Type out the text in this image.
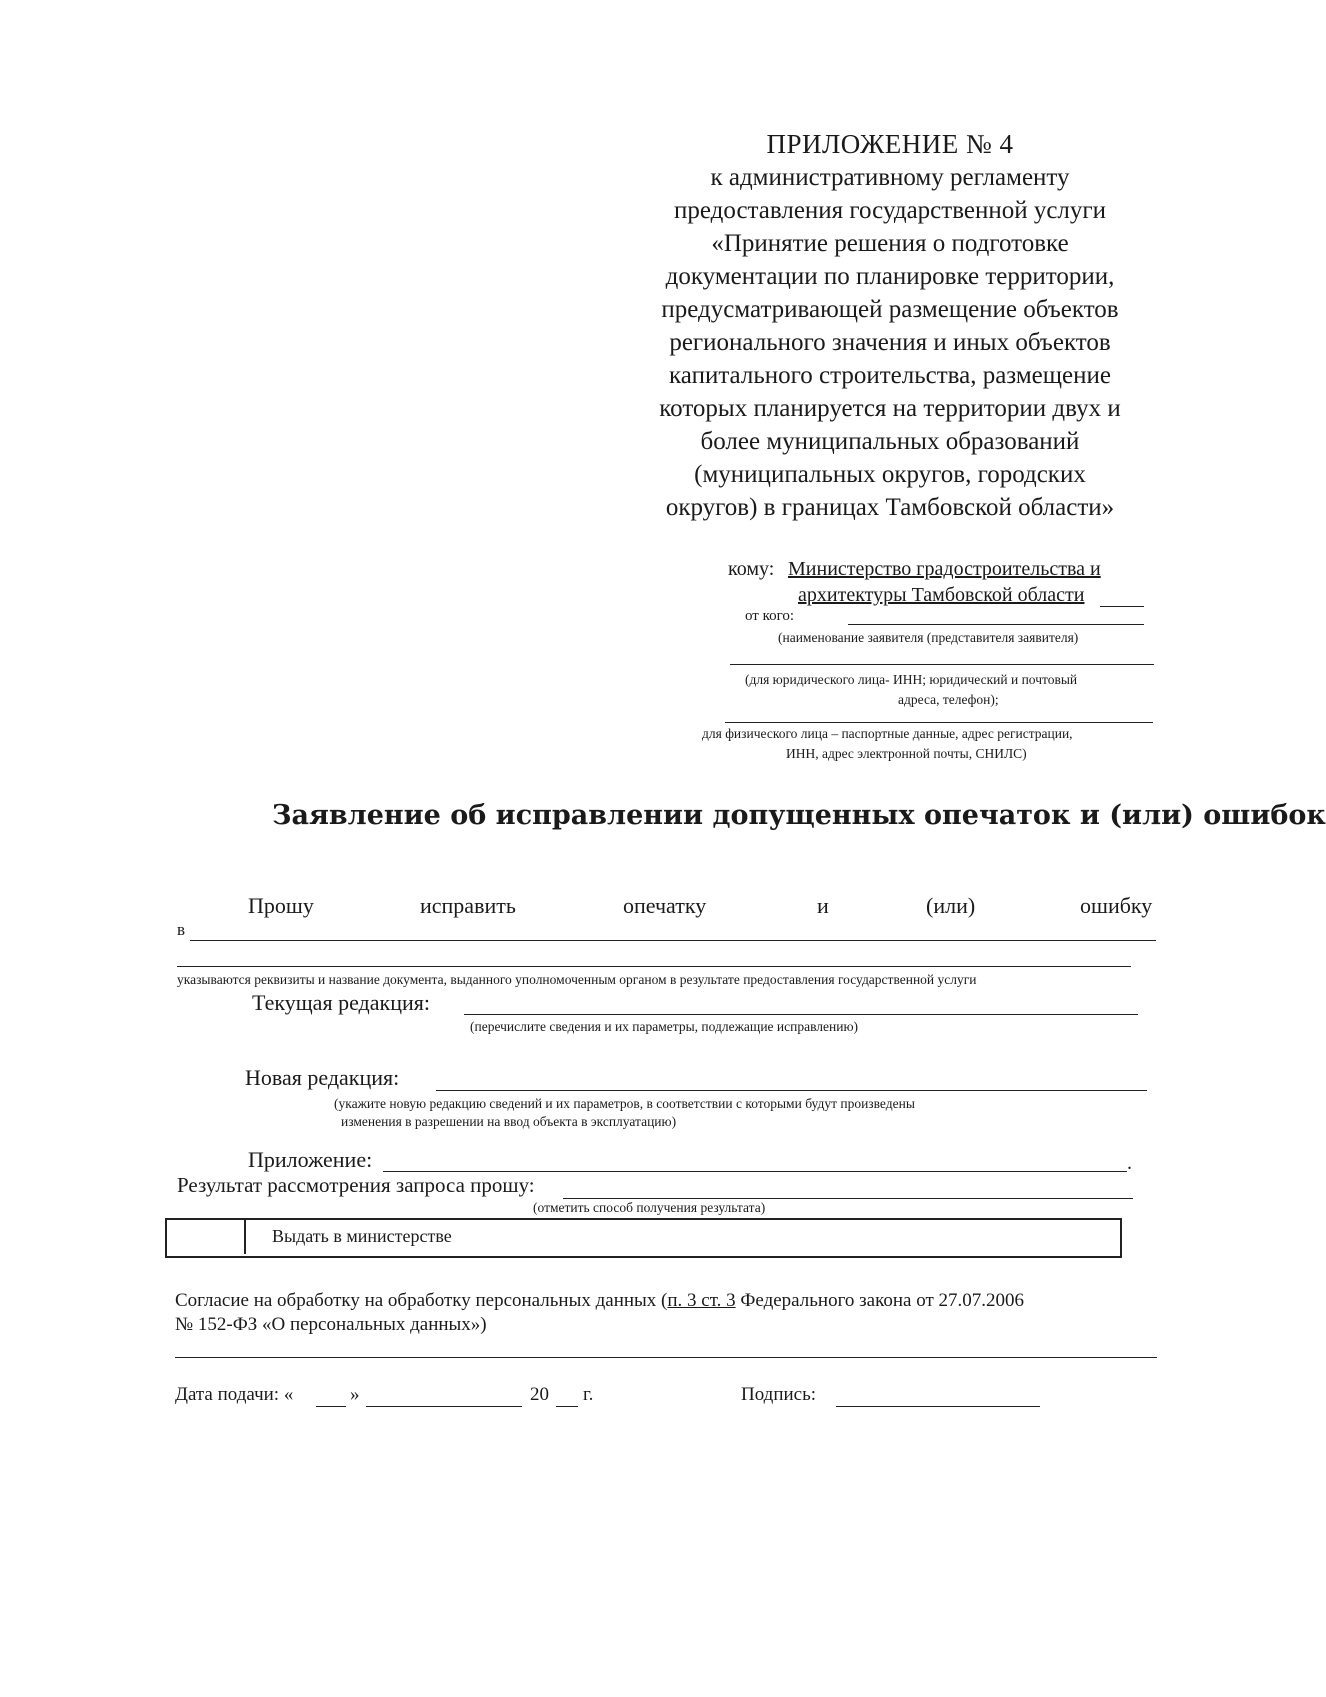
ПРИЛОЖЕНИЕ № 4
к административному регламенту
предоставления государственной услуги
«Принятие решения о подготовке
документации по планировке территории,
предусматривающей размещение объектов
регионального значения и иных объектов
капитального строительства, размещение
которых планируется на территории двух и
более муниципальных образований
(муниципальных округов, городских
округов) в границах Тамбовской области»
кому: Министерство градостроительства и
архитектуры Тамбовской области
от кого:
(наименование заявителя (представителя заявителя)
(для юридического лица- ИНН; юридический и почтовый
адреса, телефон);
для физического лица – паспортные данные, адрес регистрации,
ИНН, адрес электронной почты, СНИЛС)
Заявление об исправлении допущенных опечаток и (или) ошибок
Прошу	исправить	опечатку	и	(или)	ошибку
в
указываются реквизиты и название документа, выданного уполномоченным органом в результате предоставления государственной услуги
Текущая редакция:
(перечислите сведения и их параметры, подлежащие исправлению)
Новая редакция:
(укажите новую редакцию сведений и их параметров, в соответствии с которыми будут произведены
изменения в разрешении на ввод объекта в эксплуатацию)
Приложение:	.
Результат рассмотрения запроса прошу:
(отметить способ получения результата)
Выдать в министерстве
Согласие на обработку на обработку персональных данных (п. 3 ст. 3 Федерального закона от 27.07.2006
№ 152-ФЗ «О персональных данных»)
Дата подачи: «	»	20 г.	Подпись:
